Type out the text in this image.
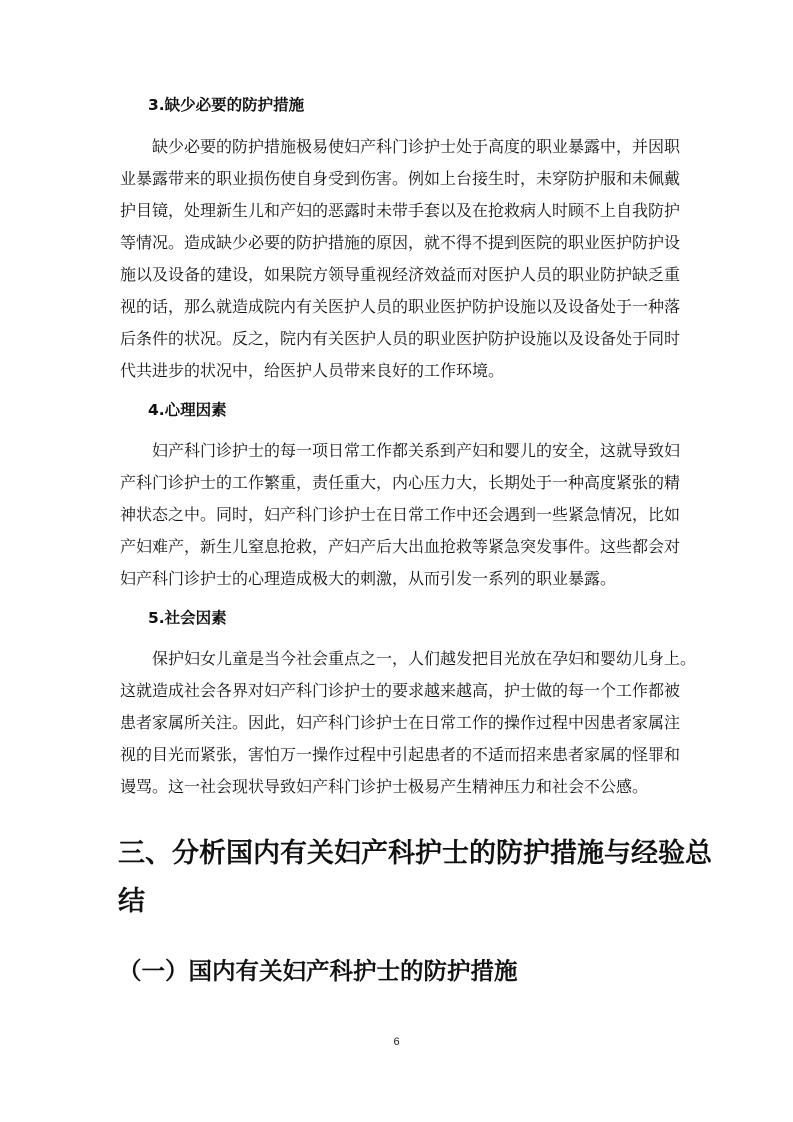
3.缺少必要的防护措施
　　缺少必要的防护措施极易使妇产科门诊护士处于高度的职业暴露中，并因职
业暴露带来的职业损伤使自身受到伤害。例如上台接生时，未穿防护服和未佩戴
护目镜，处理新生儿和产妇的恶露时未带手套以及在抢救病人时顾不上自我防护
等情况。造成缺少必要的防护措施的原因，就不得不提到医院的职业医护防护设
施以及设备的建设，如果院方领导重视经济效益而对医护人员的职业防护缺乏重
视的话，那么就造成院内有关医护人员的职业医护防护设施以及设备处于一种落
后条件的状况。反之，院内有关医护人员的职业医护防护设施以及设备处于同时
代共进步的状况中，给医护人员带来良好的工作环境。
4.心理因素
　　妇产科门诊护士的每一项日常工作都关系到产妇和婴儿的安全，这就导致妇
产科门诊护士的工作繁重，责任重大，内心压力大，长期处于一种高度紧张的精
神状态之中。同时，妇产科门诊护士在日常工作中还会遇到一些紧急情况，比如
产妇难产，新生儿窒息抢救，产妇产后大出血抢救等紧急突发事件。这些都会对
妇产科门诊护士的心理造成极大的刺激，从而引发一系列的职业暴露。
5.社会因素
　　保护妇女儿童是当今社会重点之一，人们越发把目光放在孕妇和婴幼儿身上。
这就造成社会各界对妇产科门诊护士的要求越来越高，护士做的每一个工作都被
患者家属所关注。因此，妇产科门诊护士在日常工作的操作过程中因患者家属注
视的目光而紧张，害怕万一操作过程中引起患者的不适而招来患者家属的怪罪和
谩骂。这一社会现状导致妇产科门诊护士极易产生精神压力和社会不公感。
三、分析国内有关妇产科护士的防护措施与经验总
结
（一）国内有关妇产科护士的防护措施
6
